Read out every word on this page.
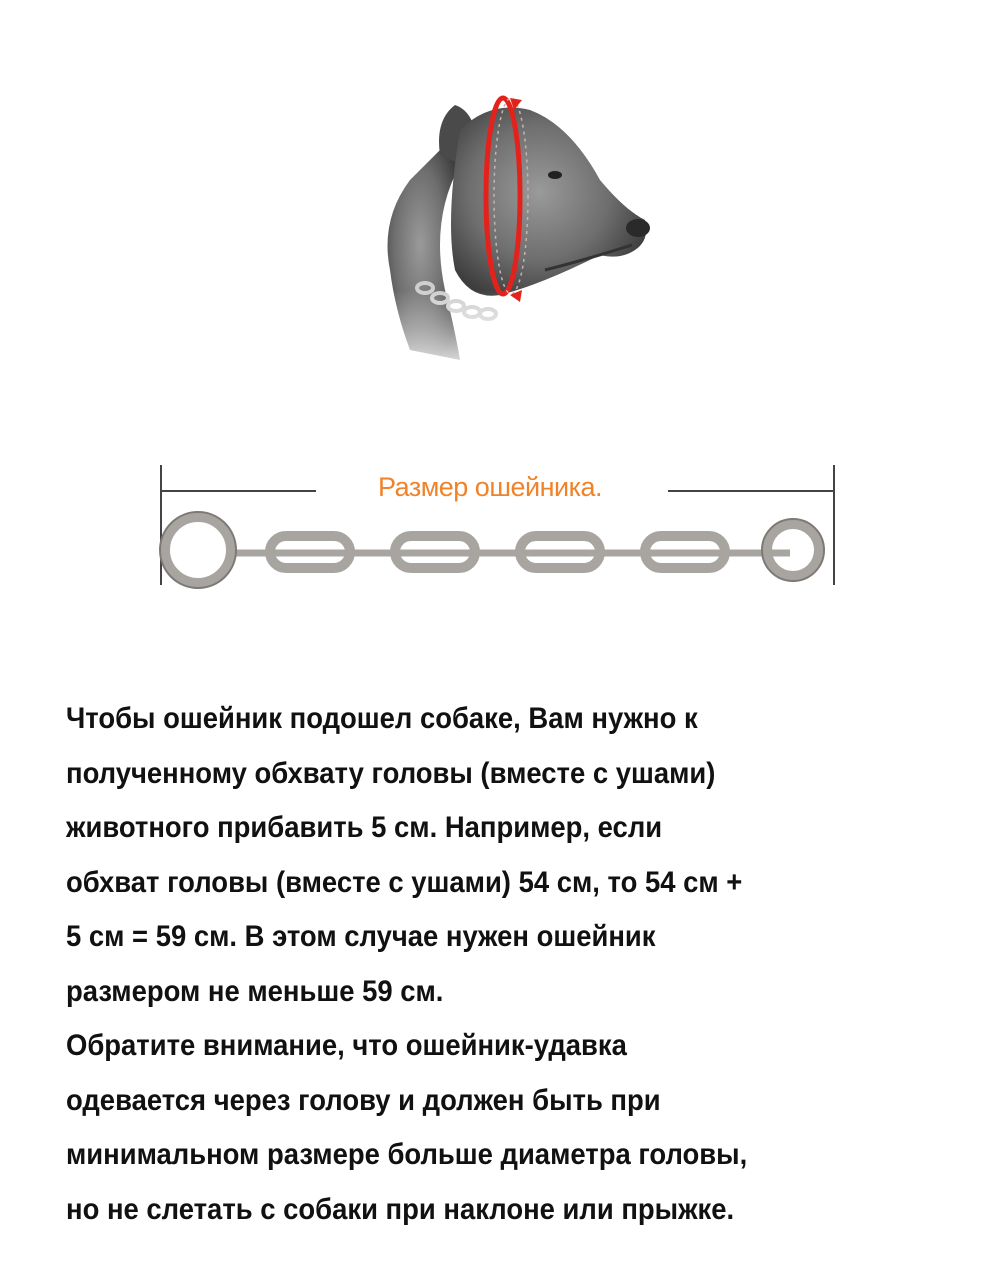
Размер ошейника.

Чтобы ошейник подошел собаке, Вам нужно к

полученному обхвату головы (вместе с ушами)

животного прибавить 5 см. Например, если

обхват головы (вместе с ушами) 54 см, то 54 см +

5 см = 59 см. В этом случае нужен ошейник

размером не меньше 59 см.

Обратите внимание, что ошейник-удавка

одевается через голову и должен быть при

минимальном размере больше диаметра головы,

но не слетать с собаки при наклоне или прыжке.
